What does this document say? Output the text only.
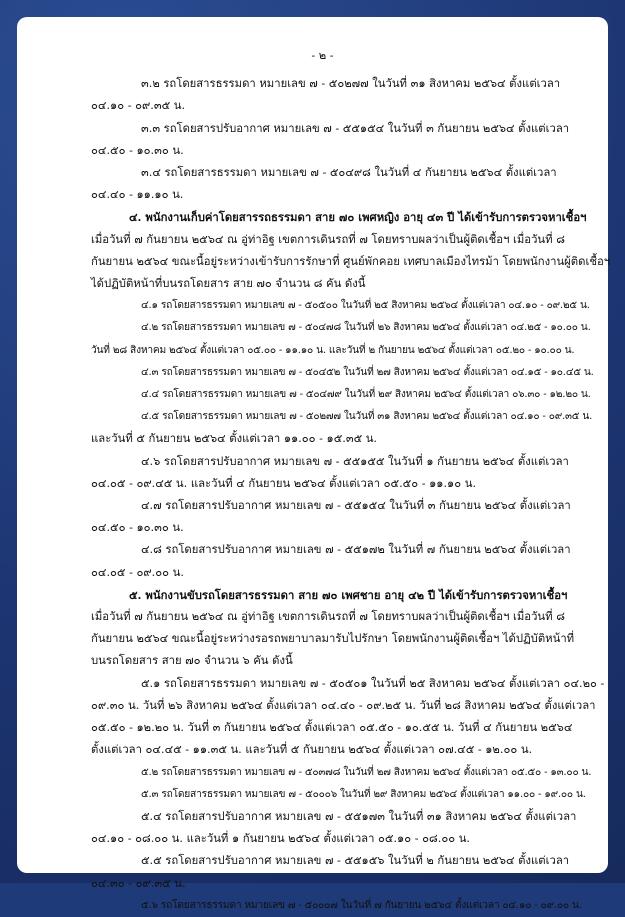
- ๒ -
๓.๒ รถโดยสารธรรมดา หมายเลข ๗ - ๕๐๒๗๗ ในวันที่ ๓๑ สิงหาคม ๒๕๖๔ ตั้งแต่เวลา
๐๔.๑๐ - ๐๙.๓๕ น.
๓.๓ รถโดยสารปรับอากาศ หมายเลข ๗ - ๕๕๑๕๔ ในวันที่ ๓ กันยายน ๒๕๖๔ ตั้งแต่เวลา
๐๔.๕๐ - ๑๐.๓๐ น.
๓.๔ รถโดยสารธรรมดา หมายเลข ๗ - ๕๐๔๙๘ ในวันที่ ๔ กันยายน ๒๕๖๔ ตั้งแต่เวลา
๐๔.๔๐ - ๑๑.๑๐ น.
๔. พนักงานเก็บค่าโดยสารรถธรรมดา สาย ๗๐ เพศหญิง อายุ ๔๓ ปี ได้เข้ารับการตรวจหาเชื้อฯ
เมื่อวันที่ ๗ กันยายน ๒๕๖๔ ณ อู่ท่าอิฐ เขตการเดินรถที่ ๗ โดยทราบผลว่าเป็นผู้ติดเชื้อฯ เมื่อวันที่ ๘
กันยายน ๒๕๖๔ ขณะนี้อยู่ระหว่างเข้ารับการรักษาที่ ศูนย์พักคอย เทศบาลเมืองไทรม้า โดยพนักงานผู้ติดเชื้อฯ
ได้ปฏิบัติหน้าที่บนรถโดยสาร สาย ๗๐ จำนวน ๘ คัน ดังนี้
๔.๑ รถโดยสารธรรมดา หมายเลข ๗ - ๕๐๕๐๐ ในวันที่ ๒๕ สิงหาคม ๒๕๖๔ ตั้งแต่เวลา ๐๔.๑๐ - ๐๙.๒๕ น.
๔.๒ รถโดยสารธรรมดา หมายเลข ๗ - ๕๐๔๗๘ ในวันที่ ๒๖ สิงหาคม ๒๕๖๔ ตั้งแต่เวลา ๐๔.๒๕ - ๑๐.๐๐ น.
วันที่ ๒๘ สิงหาคม ๒๕๖๔ ตั้งแต่เวลา ๐๕.๐๐ - ๑๑.๑๐ น. และวันที่ ๒ กันยายน ๒๕๖๔ ตั้งแต่เวลา ๐๕.๒๐ - ๑๐.๐๐ น.
๔.๓ รถโดยสารธรรมดา หมายเลข ๗ - ๕๐๔๕๒ ในวันที่ ๒๗ สิงหาคม ๒๕๖๔ ตั้งแต่เวลา ๐๔.๑๕ - ๑๐.๔๕ น.
๔.๔ รถโดยสารธรรมดา หมายเลข ๗ - ๕๐๔๗๙ ในวันที่ ๒๙ สิงหาคม ๒๕๖๔ ตั้งแต่เวลา ๐๖.๓๐ - ๑๒.๒๐ น.
๔.๕ รถโดยสารธรรมดา หมายเลข ๗ - ๕๐๒๗๗ ในวันที่ ๓๑ สิงหาคม ๒๕๖๔ ตั้งแต่เวลา ๐๔.๑๐ - ๐๙.๓๕ น.
และวันที่ ๕ กันยายน ๒๕๖๔ ตั้งแต่เวลา ๑๑.๐๐ - ๑๕.๓๕ น.
๔.๖ รถโดยสารปรับอากาศ หมายเลข ๗ - ๕๕๑๕๕ ในวันที่ ๑ กันยายน ๒๕๖๔ ตั้งแต่เวลา
๐๔.๐๕ - ๐๙.๔๕ น. และวันที่ ๔ กันยายน ๒๕๖๔ ตั้งแต่เวลา ๐๕.๕๐ - ๑๑.๑๐ น.
๔.๗ รถโดยสารปรับอากาศ หมายเลข ๗ - ๕๕๑๕๔ ในวันที่ ๓ กันยายน ๒๕๖๔ ตั้งแต่เวลา
๐๔.๕๐ - ๑๐.๓๐ น.
๔.๘ รถโดยสารปรับอากาศ หมายเลข ๗ - ๕๕๑๗๒ ในวันที่ ๗ กันยายน ๒๕๖๔ ตั้งแต่เวลา
๐๔.๐๕ - ๐๙.๐๐ น.
๕. พนักงานขับรถโดยสารธรรมดา สาย ๗๐ เพศชาย อายุ ๔๒ ปี ได้เข้ารับการตรวจหาเชื้อฯ
เมื่อวันที่ ๗ กันยายน ๒๕๖๔ ณ อู่ท่าอิฐ เขตการเดินรถที่ ๗ โดยทราบผลว่าเป็นผู้ติดเชื้อฯ เมื่อวันที่ ๘
กันยายน ๒๕๖๔ ขณะนี้อยู่ระหว่างรอรถพยาบาลมารับไปรักษา โดยพนักงานผู้ติดเชื้อฯ ได้ปฏิบัติหน้าที่
บนรถโดยสาร สาย ๗๐ จำนวน ๖ คัน ดังนี้
๕.๑ รถโดยสารธรรมดา หมายเลข ๗ - ๕๐๕๐๑ ในวันที่ ๒๕ สิงหาคม ๒๕๖๔ ตั้งแต่เวลา ๐๔.๒๐ -
๐๙.๓๐ น. วันที่ ๒๖ สิงหาคม ๒๕๖๔ ตั้งแต่เวลา ๐๔.๔๐ - ๐๙.๒๕ น. วันที่ ๒๘ สิงหาคม ๒๕๖๔ ตั้งแต่เวลา
๐๕.๕๐ - ๑๒.๒๐ น. วันที่ ๓ กันยายน ๒๕๖๔ ตั้งแต่เวลา ๐๕.๕๐ - ๑๐.๕๕ น. วันที่ ๔ กันยายน ๒๕๖๔
ตั้งแต่เวลา ๐๔.๔๕ - ๑๑.๓๕ น. และวันที่ ๕ กันยายน ๒๕๖๔ ตั้งแต่เวลา ๐๗.๔๕ - ๑๒.๐๐ น.
๕.๒ รถโดยสารธรรมดา หมายเลข ๗ - ๕๐๓๗๘ ในวันที่ ๒๗ สิงหาคม ๒๕๖๔ ตั้งแต่เวลา ๐๕.๕๐ - ๑๓.๐๐ น.
๕.๓ รถโดยสารธรรมดา หมายเลข ๗ - ๕๐๐๐๖ ในวันที่ ๒๙ สิงหาคม ๒๕๖๔ ตั้งแต่เวลา ๑๑.๐๐ - ๑๙.๐๐ น.
๕.๔ รถโดยสารปรับอากาศ หมายเลข ๗ - ๕๕๑๗๓ ในวันที่ ๓๑ สิงหาคม ๒๕๖๔ ตั้งแต่เวลา
๐๔.๑๐ - ๐๘.๐๐ น. และวันที่ ๑ กันยายน ๒๕๖๔ ตั้งแต่เวลา ๐๕.๑๐ - ๐๘.๐๐ น.
๕.๕ รถโดยสารปรับอากาศ หมายเลข ๗ - ๕๕๑๕๖ ในวันที่ ๒ กันยายน ๒๕๖๔ ตั้งแต่เวลา
๐๔.๓๐ - ๐๙.๓๕ น.
๕.๖ รถโดยสารธรรมดา หมายเลข ๗ - ๕๐๐๐๗ ในวันที่ ๗ กันยายน ๒๕๖๔ ตั้งแต่เวลา ๐๔.๑๐ - ๐๙.๐๐ น.
